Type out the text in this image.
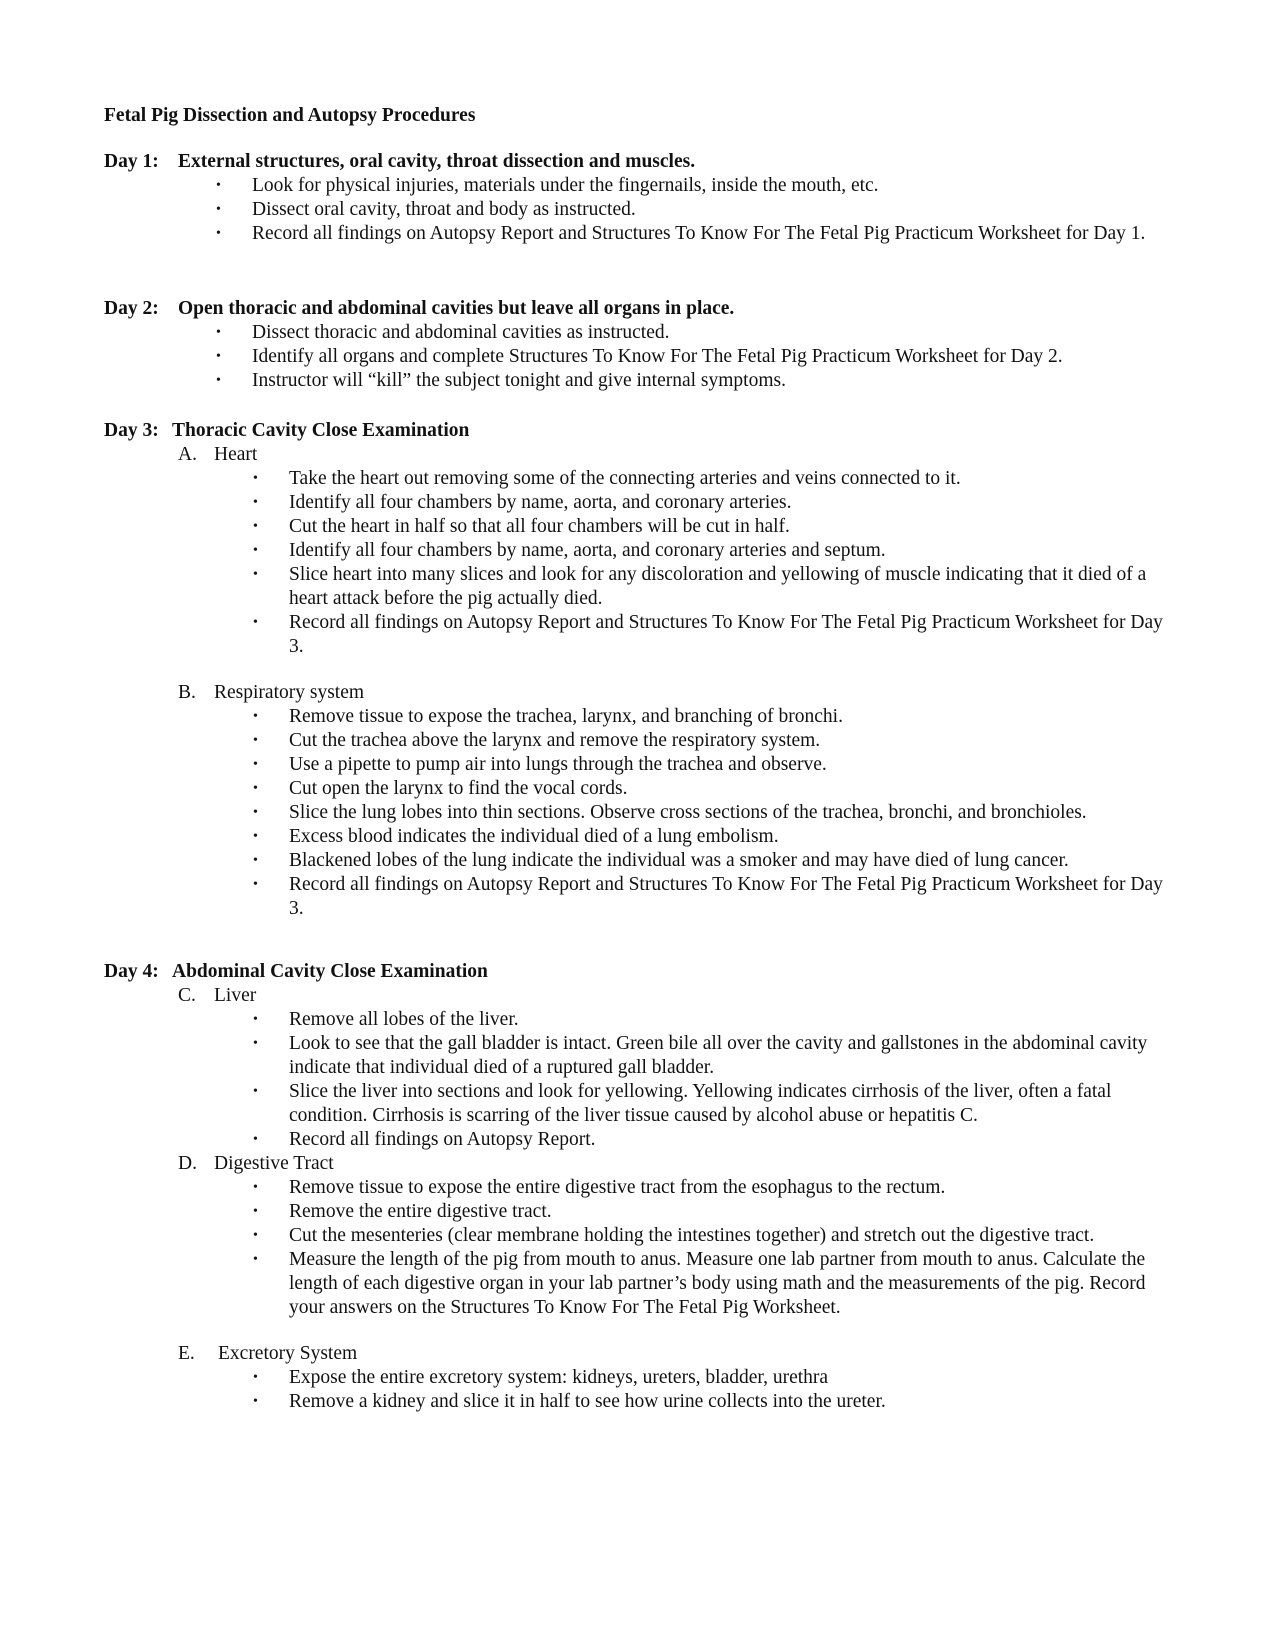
Fetal Pig Dissection and Autopsy Procedures
Day 1: External structures, oral cavity, throat dissection and muscles.
• Look for physical injuries, materials under the fingernails, inside the mouth, etc.
• Dissect oral cavity, throat and body as instructed.
• Record all findings on Autopsy Report and Structures To Know For The Fetal Pig Practicum Worksheet for Day 1.
Day 2: Open thoracic and abdominal cavities but leave all organs in place.
• Dissect thoracic and abdominal cavities as instructed.
• Identify all organs and complete Structures To Know For The Fetal Pig Practicum Worksheet for Day 2.
• Instructor will “kill” the subject tonight and give internal symptoms.
Day 3: Thoracic Cavity Close Examination
A. Heart
• Take the heart out removing some of the connecting arteries and veins connected to it.
• Identify all four chambers by name, aorta, and coronary arteries.
• Cut the heart in half so that all four chambers will be cut in half.
• Identify all four chambers by name, aorta, and coronary arteries and septum.
• Slice heart into many slices and look for any discoloration and yellowing of muscle indicating that it died of a heart attack before the pig actually died.
• Record all findings on Autopsy Report and Structures To Know For The Fetal Pig Practicum Worksheet for Day 3.
B. Respiratory system
• Remove tissue to expose the trachea, larynx, and branching of bronchi.
• Cut the trachea above the larynx and remove the respiratory system.
• Use a pipette to pump air into lungs through the trachea and observe.
• Cut open the larynx to find the vocal cords.
• Slice the lung lobes into thin sections. Observe cross sections of the trachea, bronchi, and bronchioles.
• Excess blood indicates the individual died of a lung embolism.
• Blackened lobes of the lung indicate the individual was a smoker and may have died of lung cancer.
• Record all findings on Autopsy Report and Structures To Know For The Fetal Pig Practicum Worksheet for Day 3.
Day 4: Abdominal Cavity Close Examination
C. Liver
• Remove all lobes of the liver.
• Look to see that the gall bladder is intact. Green bile all over the cavity and gallstones in the abdominal cavity indicate that individual died of a ruptured gall bladder.
• Slice the liver into sections and look for yellowing. Yellowing indicates cirrhosis of the liver, often a fatal condition. Cirrhosis is scarring of the liver tissue caused by alcohol abuse or hepatitis C.
• Record all findings on Autopsy Report.
D. Digestive Tract
• Remove tissue to expose the entire digestive tract from the esophagus to the rectum.
• Remove the entire digestive tract.
• Cut the mesenteries (clear membrane holding the intestines together) and stretch out the digestive tract.
• Measure the length of the pig from mouth to anus. Measure one lab partner from mouth to anus. Calculate the length of each digestive organ in your lab partner’s body using math and the measurements of the pig. Record your answers on the Structures To Know For The Fetal Pig Worksheet.
E. Excretory System
• Expose the entire excretory system: kidneys, ureters, bladder, urethra
• Remove a kidney and slice it in half to see how urine collects into the ureter.
